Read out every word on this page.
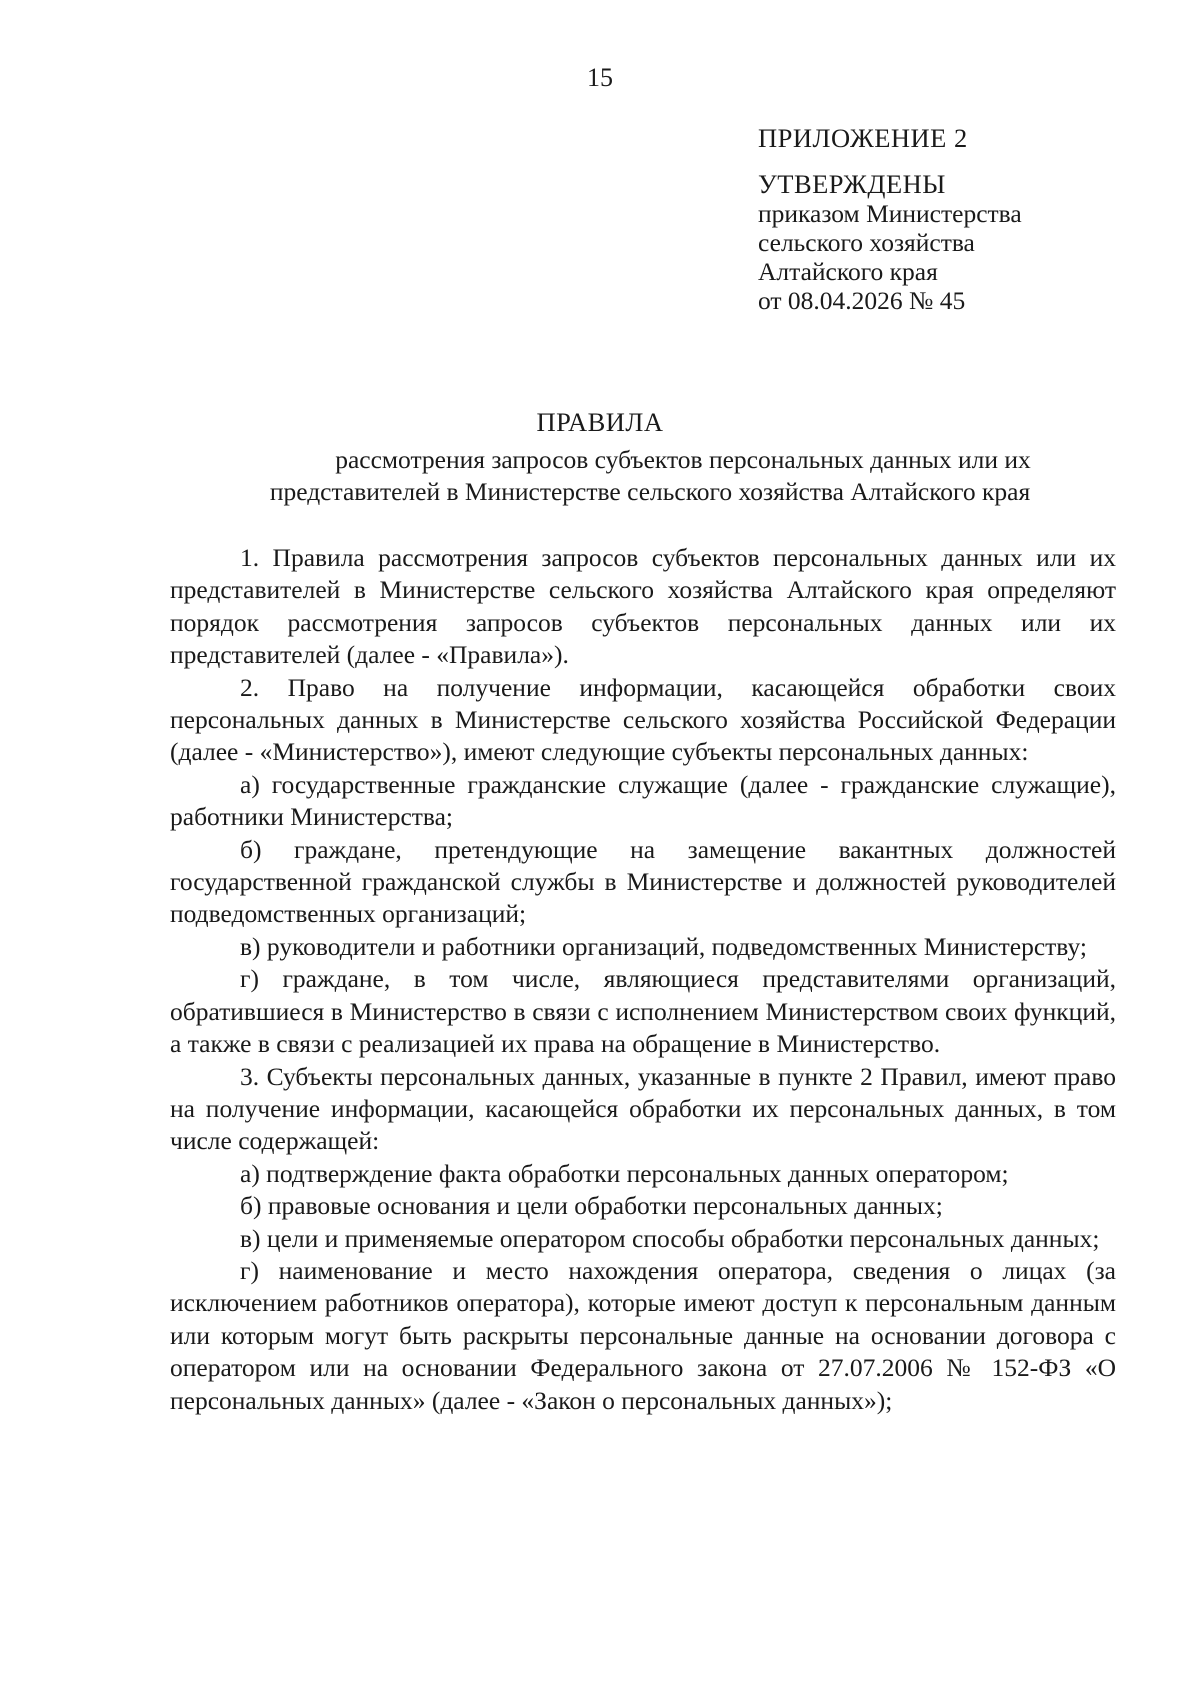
15
ПРИЛОЖЕНИЕ 2
УТВЕРЖДЕНЫ
приказом Министерства
сельского хозяйства
Алтайского края
от 08.04.2026 № 45
ПРАВИЛА
рассмотрения запросов субъектов персональных данных или их
представителей в Министерстве сельского хозяйства Алтайского края

1. Правила рассмотрения запросов субъектов персональных данных или их представителей в Министерстве сельского хозяйства Алтайского края определяют порядок рассмотрения запросов субъектов персональных данных или их представителей (далее - «Правила»).

2. Право на получение информации, касающейся обработки своих персональных данных в Министерстве сельского хозяйства Российской Федерации (далее - «Министерство»), имеют следующие субъекты персональных данных:

а) государственные гражданские служащие (далее - гражданские служащие), работники Министерства;

б) граждане, претендующие на замещение вакантных должностей государственной гражданской службы в Министерстве и должностей руководителей подведомственных организаций;

в) руководители и работники организаций, подведомственных Министерству;

г) граждане, в том числе, являющиеся представителями организаций, обратившиеся в Министерство в связи с исполнением Министерством своих функций, а также в связи с реализацией их права на обращение в Министерство.

3. Субъекты персональных данных, указанные в пункте 2 Правил, имеют право на получение информации, касающейся обработки их персональных данных, в том числе содержащей:

а) подтверждение факта обработки персональных данных оператором;

б) правовые основания и цели обработки персональных данных;

в) цели и применяемые оператором способы обработки персональных данных;

г) наименование и место нахождения оператора, сведения о лицах (за исключением работников оператора), которые имеют доступ к персональным данным или которым могут быть раскрыты персональные данные на основании договора с оператором или на основании Федерального закона от 27.07.2006 № 152-ФЗ «О персональных данных» (далее - «Закон о персональных данных»);
